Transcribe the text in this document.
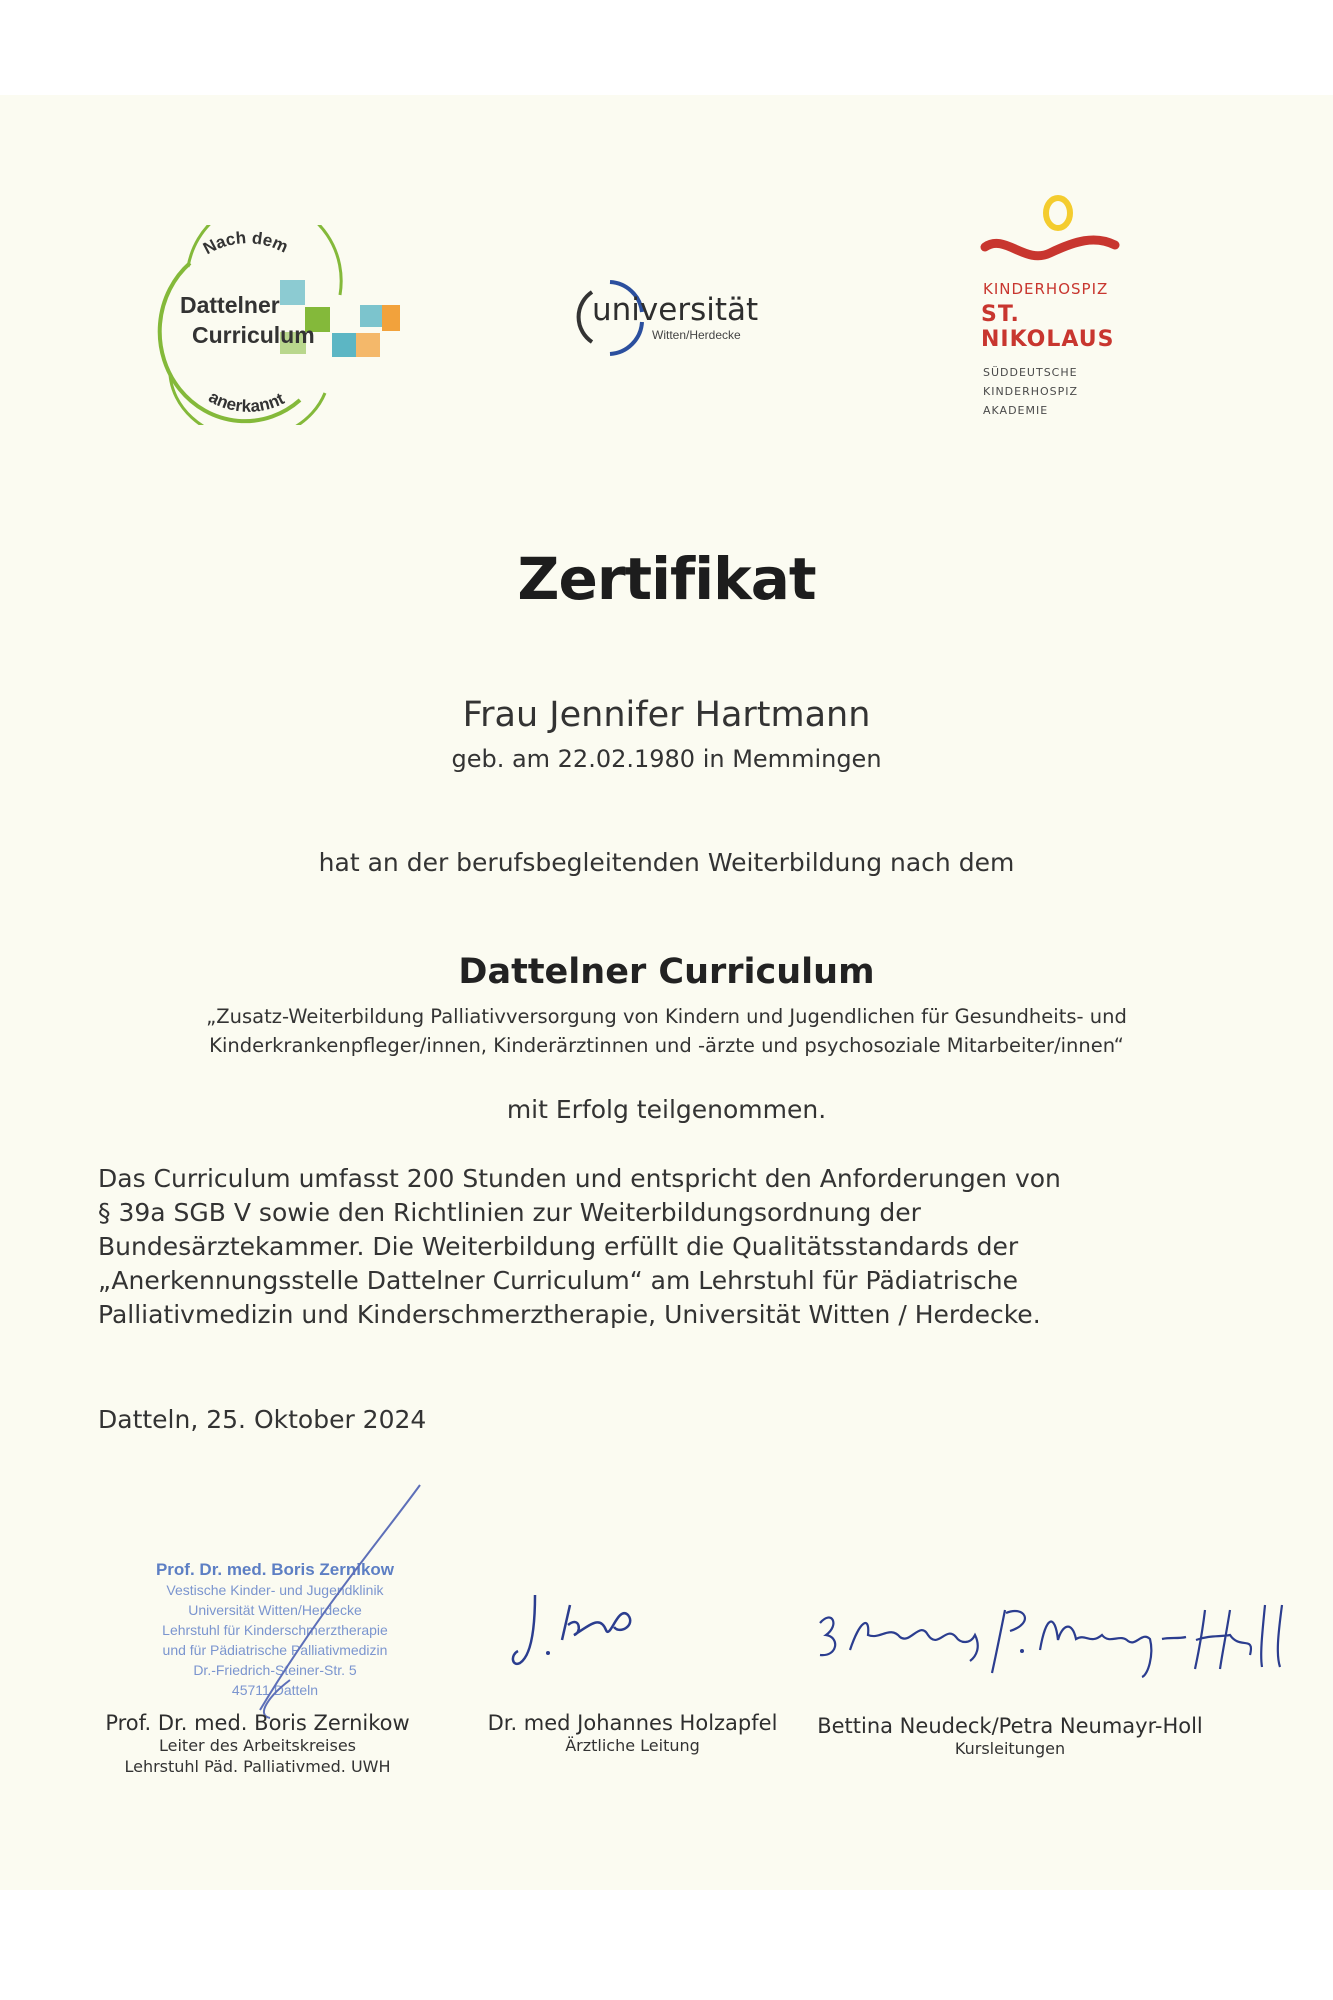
Nach dem
anerkannt
Dattelner
Curriculum
universität
Witten/Herdecke
KINDERHOSPIZ
ST. NIKOLAUS
SÜDDEUTSCHE
KINDERHOSPIZ
AKADEMIE
Zertifikat
Frau Jennifer Hartmann
geb. am 22.02.1980 in Memmingen
hat an der berufsbegleitenden Weiterbildung nach dem
Dattelner Curriculum
„Zusatz-Weiterbildung Palliativversorgung von Kindern und Jugendlichen für Gesundheits- und
Kinderkrankenpfleger/innen, Kinderärztinnen und -ärzte und psychosoziale Mitarbeiter/innen“
mit Erfolg teilgenommen.
Das Curriculum umfasst 200 Stunden und entspricht den Anforderungen von
§ 39a SGB V sowie den Richtlinien zur Weiterbildungsordnung der
Bundesärztekammer. Die Weiterbildung erfüllt die Qualitätsstandards der
„Anerkennungsstelle Dattelner Curriculum“ am Lehrstuhl für Pädiatrische
Palliativmedizin und Kinderschmerztherapie, Universität Witten / Herdecke.
Datteln, 25. Oktober 2024
Prof. Dr. med. Boris Zernikow
Vestische Kinder- und Jugendklinik
Universität Witten/Herdecke
Lehrstuhl für Kinderschmerztherapie
und für Pädiatrische Palliativmedizin
Dr.-Friedrich-Steiner-Str. 5
45711 Datteln
Prof. Dr. med. Boris Zernikow
Leiter des Arbeitskreises
Lehrstuhl Päd. Palliativmed. UWH
Dr. med Johannes Holzapfel
Ärztliche Leitung
Bettina Neudeck/Petra Neumayr-Holl
Kursleitungen
